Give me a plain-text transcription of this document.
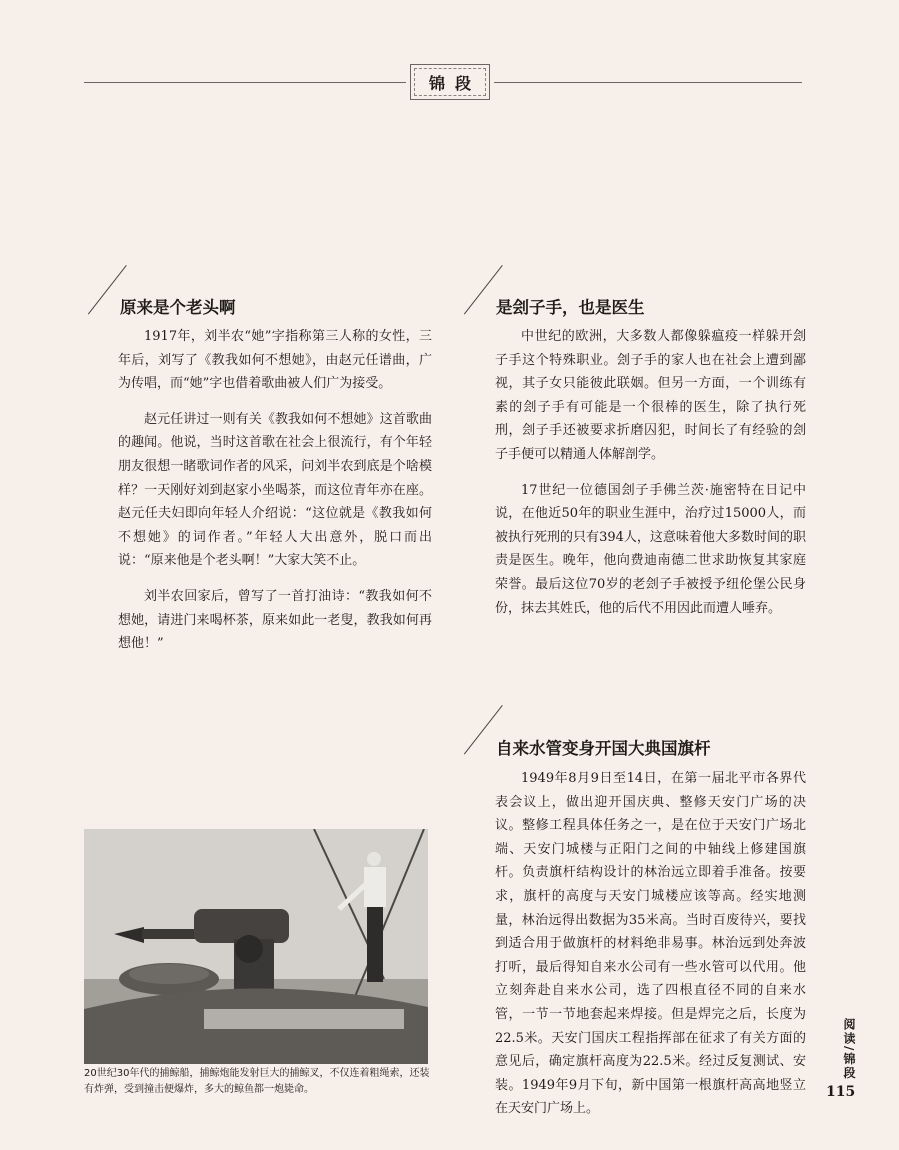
锦段
原来是个老头啊

1917年，刘半农“她”字指称第三人称的女性，三年后，刘写了《教我如何不想她》，由赵元任谱曲，广为传唱，而“她”字也借着歌曲被人们广为接受。

赵元任讲过一则有关《教我如何不想她》这首歌曲的趣闻。他说，当时这首歌在社会上很流行，有个年轻朋友很想一睹歌词作者的风采，问刘半农到底是个啥模样？一天刚好刘到赵家小坐喝茶，而这位青年亦在座。赵元任夫妇即向年轻人介绍说：“这位就是《教我如何不想她》的词作者。”年轻人大出意外，脱口而出说：“原来他是个老头啊！”大家大笑不止。

刘半农回家后，曾写了一首打油诗：“教我如何不想她，请进门来喝杯茶，原来如此一老叟，教我如何再想他！”

是刽子手，也是医生

中世纪的欧洲，大多数人都像躲瘟疫一样躲开刽子手这个特殊职业。刽子手的家人也在社会上遭到鄙视，其子女只能彼此联姻。但另一方面，一个训练有素的刽子手有可能是一个很棒的医生，除了执行死刑，刽子手还被要求折磨囚犯，时间长了有经验的刽子手便可以精通人体解剖学。

17世纪一位德国刽子手佛兰茨·施密特在日记中说，在他近50年的职业生涯中，治疗过15000人，而被执行死刑的只有394人，这意味着他大多数时间的职责是医生。晚年，他向费迪南德二世求助恢复其家庭荣誉。最后这位70岁的老刽子手被授予纽伦堡公民身份，抹去其姓氏，他的后代不用因此而遭人唾弃。

自来水管变身开国大典国旗杆

1949年8月9日至14日，在第一届北平市各界代表会议上，做出迎开国庆典、整修天安门广场的决议。整修工程具体任务之一，是在位于天安门广场北端、天安门城楼与正阳门之间的中轴线上修建国旗杆。负责旗杆结构设计的林治远立即着手准备。按要求，旗杆的高度与天安门城楼应该等高。经实地测量，林治远得出数据为35米高。当时百废待兴，要找到适合用于做旗杆的材料绝非易事。林治远到处奔波打听，最后得知自来水公司有一些水管可以代用。他立刻奔赴自来水公司，选了四根直径不同的自来水管，一节一节地套起来焊接。但是焊完之后，长度为22.5米。天安门国庆工程指挥部在征求了有关方面的意见后，确定旗杆高度为22.5米。经过反复测试、安装。1949年9月下旬，新中国第一根旗杆高高地竖立在天安门广场上。

20世纪30年代的捕鲸船，捕鲸炮能发射巨大的捕鲸叉，不仅连着粗绳索，还装有炸弹，受到撞击便爆炸，多大的鲸鱼都一炮毙命。

阅读/锦段
115
